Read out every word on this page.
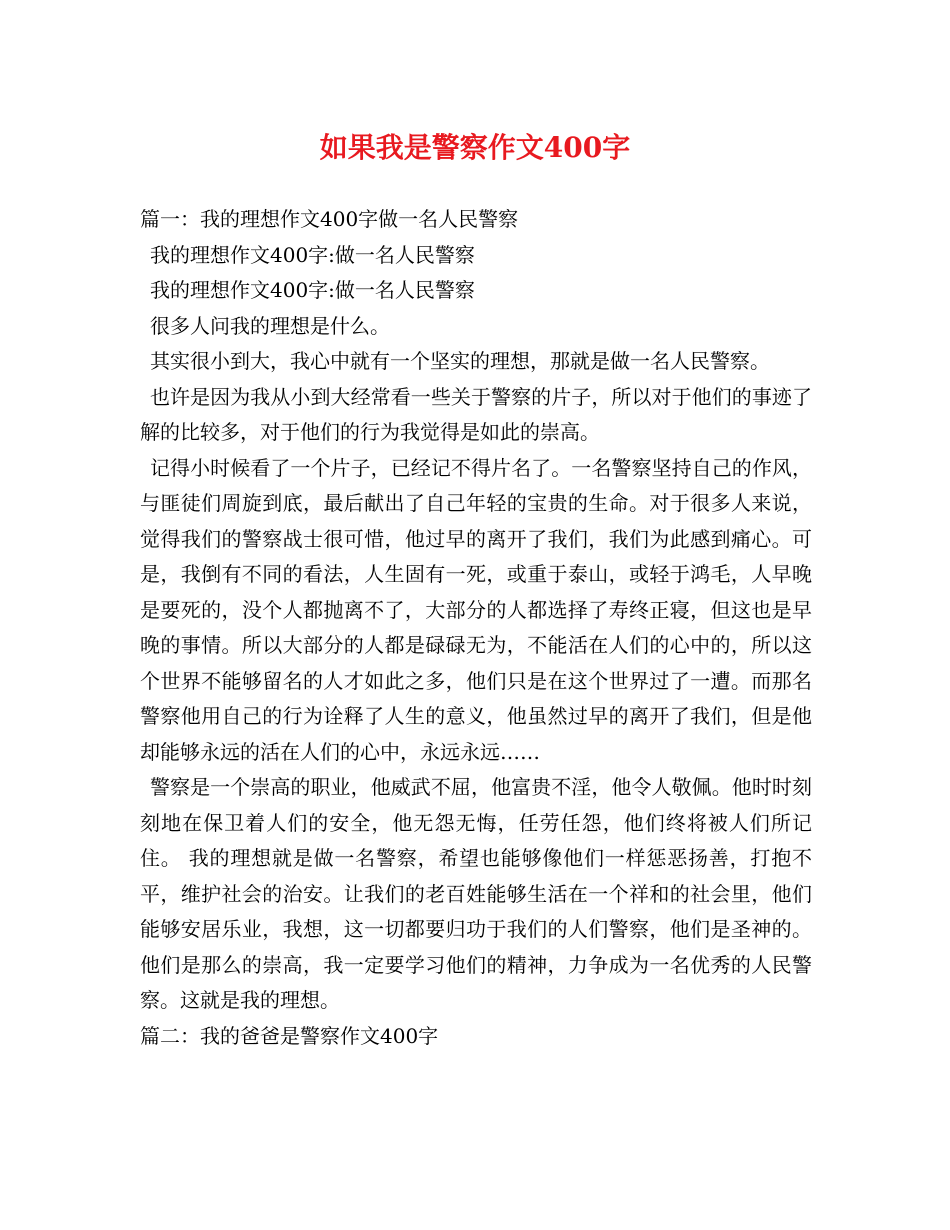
如果我是警察作文400字

篇一：我的理想作文400字做一名人民警察

我的理想作文400字:做一名人民警察

我的理想作文400字:做一名人民警察

很多人问我的理想是什么。

其实很小到大，我心中就有一个坚实的理想，那就是做一名人民警察。

也许是因为我从小到大经常看一些关于警察的片子，所以对于他们的事迹了解的比较多，对于他们的行为我觉得是如此的崇高。

记得小时候看了一个片子，已经记不得片名了。一名警察坚持自己的作风，与匪徒们周旋到底，最后献出了自己年轻的宝贵的生命。对于很多人来说，觉得我们的警察战士很可惜，他过早的离开了我们，我们为此感到痛心。可是，我倒有不同的看法，人生固有一死，或重于泰山，或轻于鸿毛，人早晚是要死的，没个人都抛离不了，大部分的人都选择了寿终正寝，但这也是早晚的事情。所以大部分的人都是碌碌无为，不能活在人们的心中的，所以这个世界不能够留名的人才如此之多，他们只是在这个世界过了一遭。而那名警察他用自己的行为诠释了人生的意义，他虽然过早的离开了我们，但是他却能够永远的活在人们的心中，永远永远……

警察是一个崇高的职业，他威武不屈，他富贵不淫，他令人敬佩。他时时刻刻地在保卫着人们的安全，他无怨无悔，任劳任怨，他们终将被人们所记住。 我的理想就是做一名警察，希望也能够像他们一样惩恶扬善，打抱不平，维护社会的治安。让我们的老百姓能够生活在一个祥和的社会里，他们能够安居乐业，我想，这一切都要归功于我们的人们警察，他们是圣神的。他们是那么的崇高，我一定要学习他们的精神，力争成为一名优秀的人民警察。这就是我的理想。

篇二：我的爸爸是警察作文400字
